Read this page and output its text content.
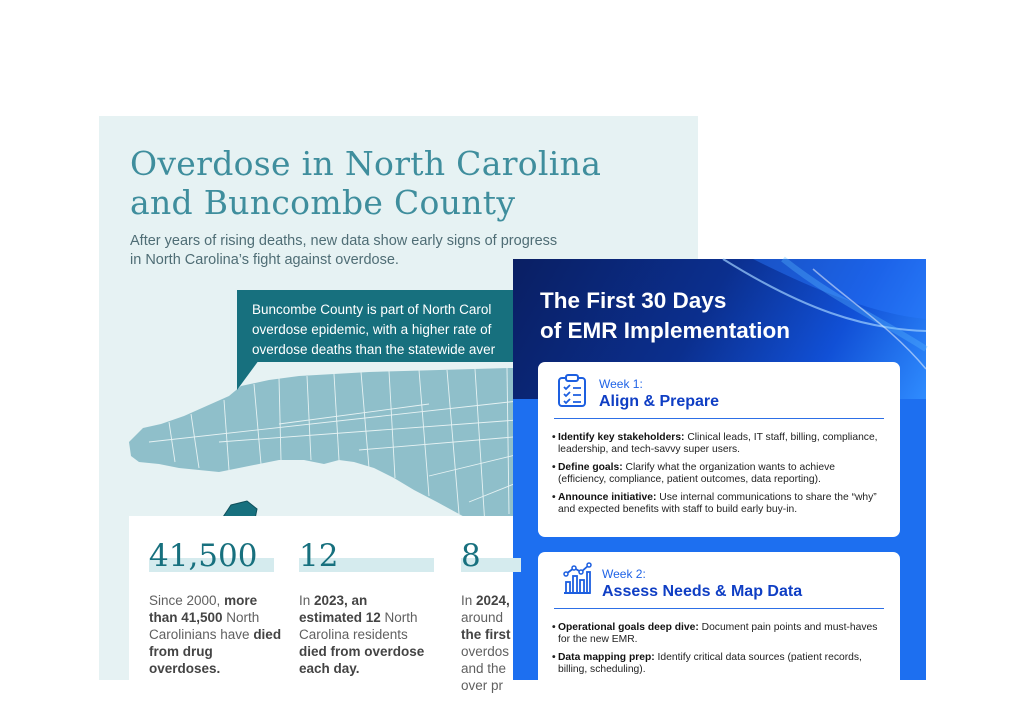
Overdose in North Carolina
and Buncombe County
After years of rising deaths, new data show early signs of progress in North Carolina’s fight against overdose.
Buncombe County is part of North Carol
overdose epidemic, with a higher rate of
overdose deaths than the statewide aver
41,500
Since 2000, more than 41,500 North Carolinians have died from drug overdoses.
12
In 2023, an estimated 12 North Carolina residents died from overdose each day.
8
In 2024, around the first overdos and the over pr
The First 30 Days
of EMR Implementation
Week 1:
Align & Prepare
• Identify key stakeholders: Clinical leads, IT staff, billing, compliance, leadership, and tech-savvy super users.
• Define goals: Clarify what the organization wants to achieve (efficiency, compliance, patient outcomes, data reporting).
• Announce initiative: Use internal communications to share the “why” and expected benefits with staff to build early buy-in.
Week 2:
Assess Needs & Map Data
• Operational goals deep dive: Document pain points and must-haves for the new EMR.
• Data mapping prep: Identify critical data sources (patient records, billing, scheduling).
